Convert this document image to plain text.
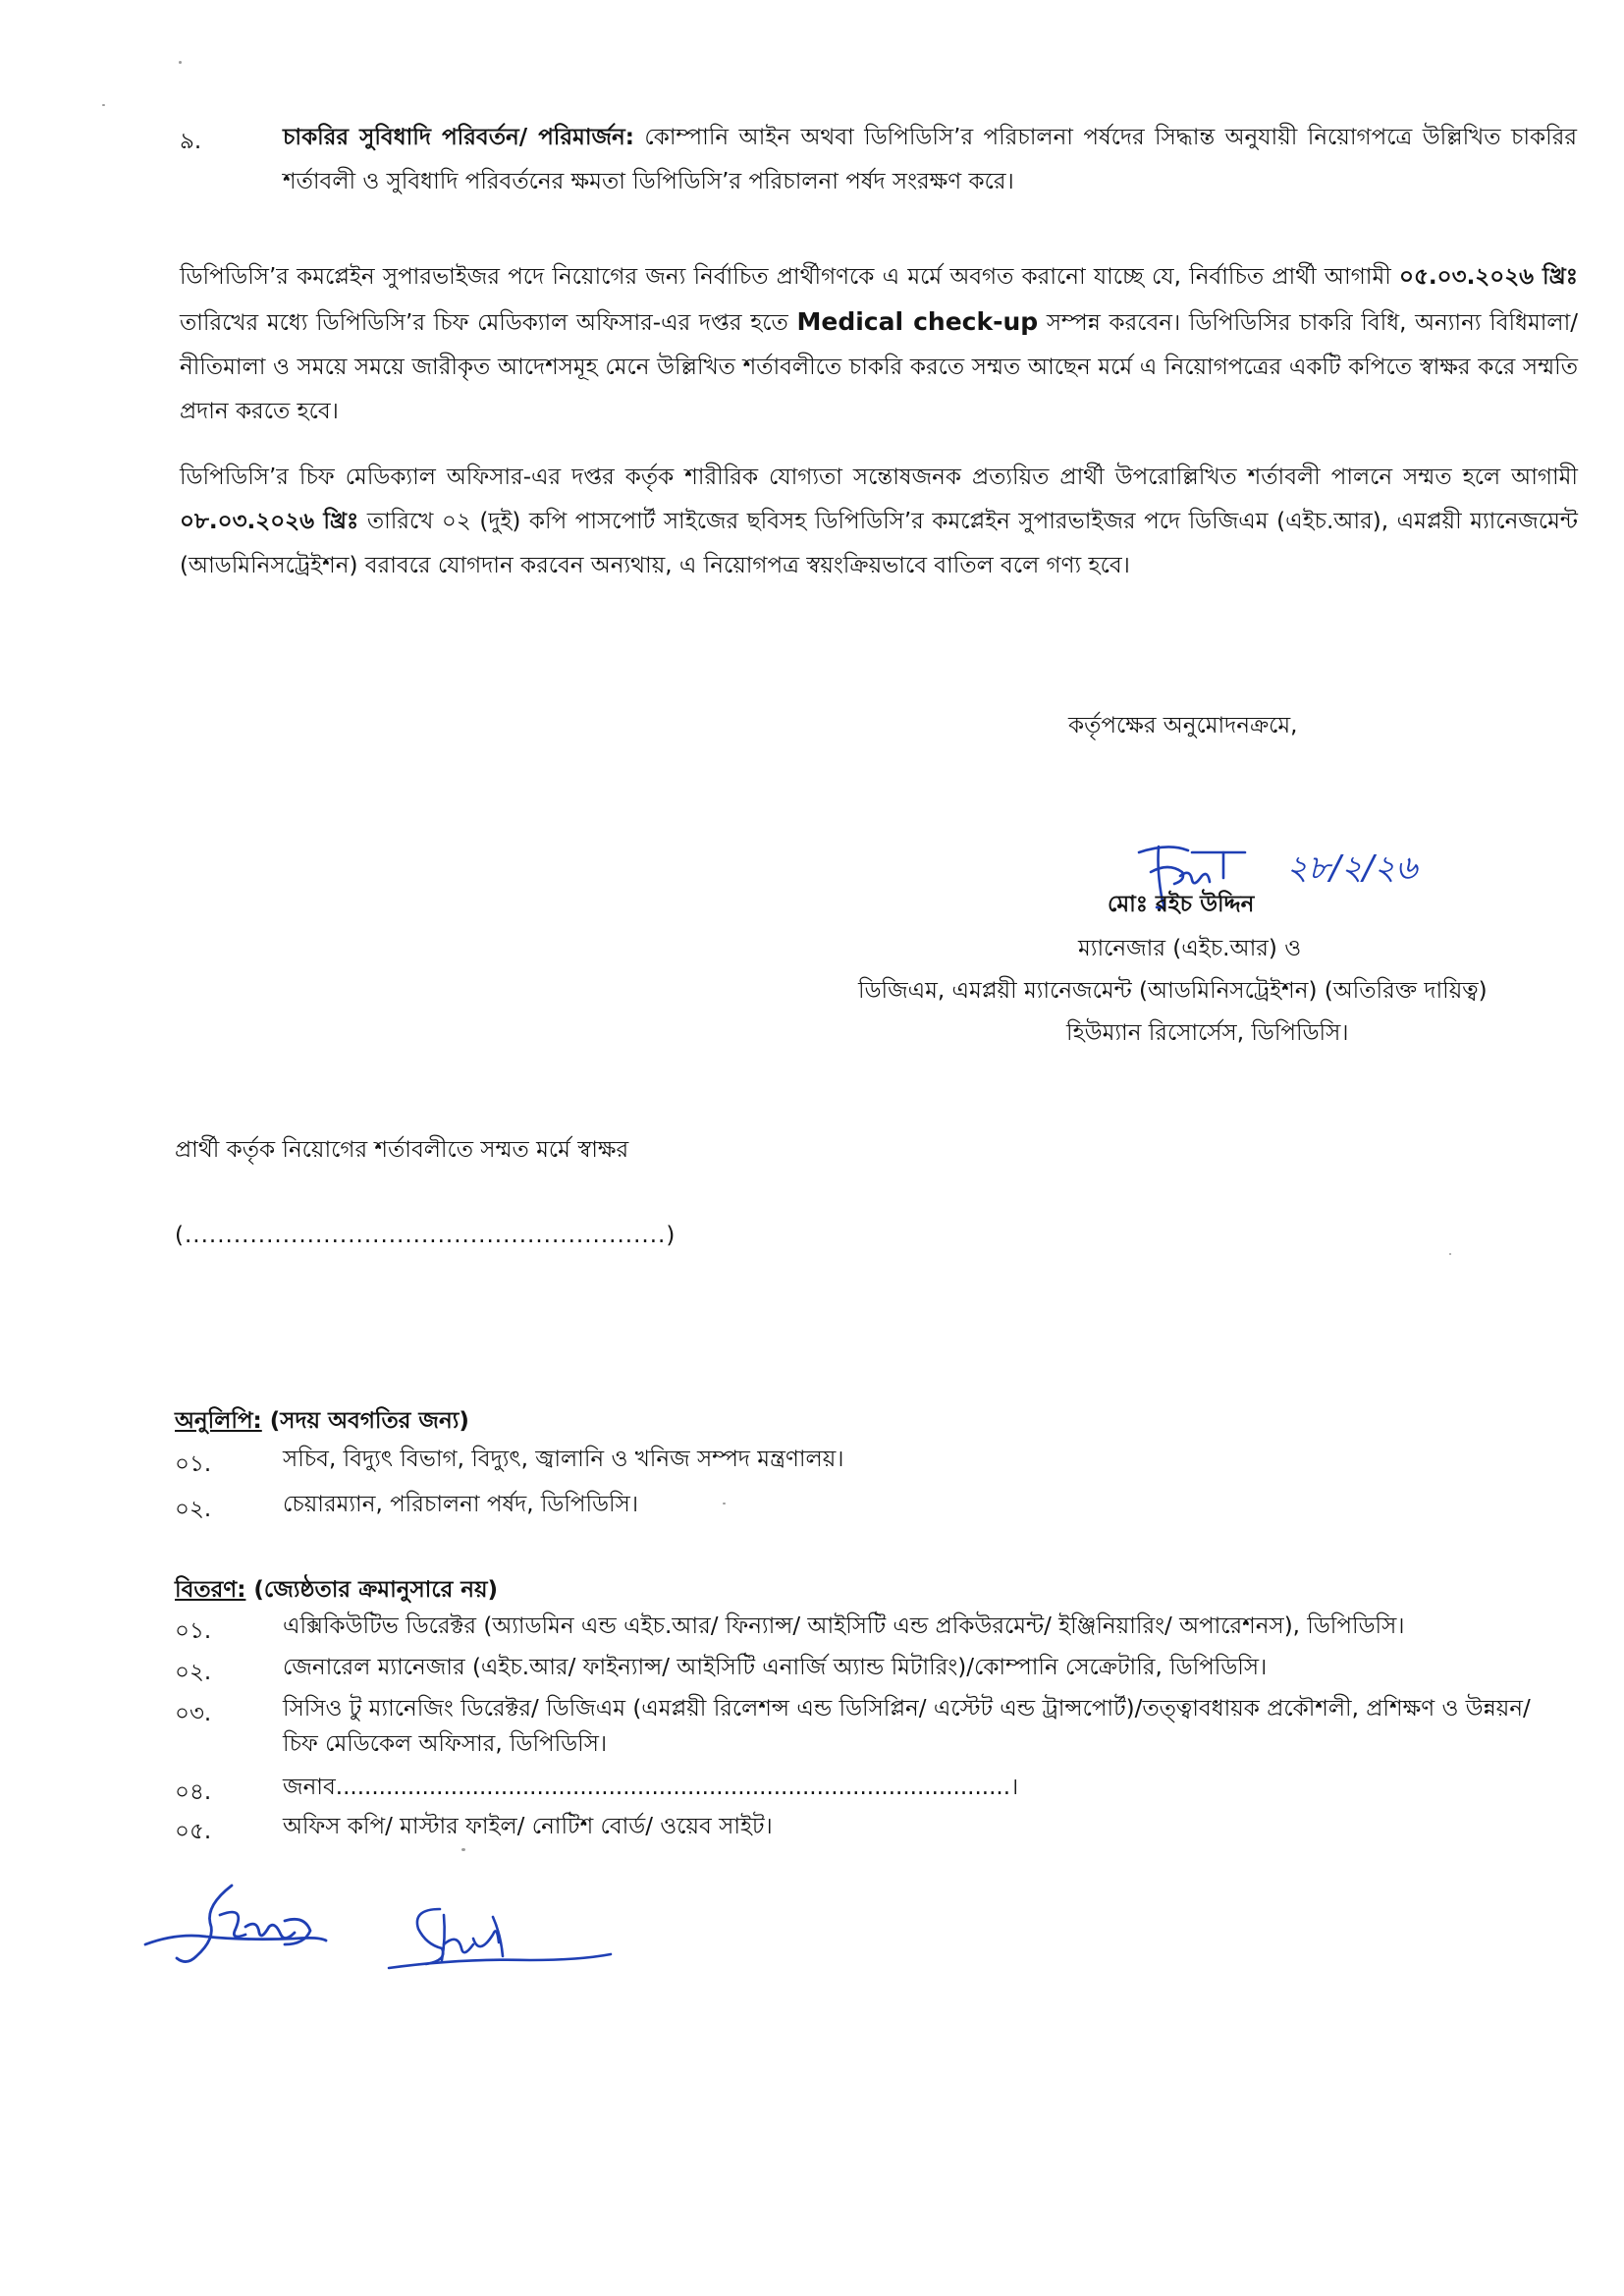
৯.	চাকরির সুবিধাদি পরিবর্তন/ পরিমার্জন: কোম্পানি আইন অথবা ডিপিডিসি’র পরিচালনা পর্ষদের সিদ্ধান্ত অনুযায়ী নিয়োগপত্রে উল্লিখিত চাকরির শর্তাবলী ও সুবিধাদি পরিবর্তনের ক্ষমতা ডিপিডিসি’র পরিচালনা পর্ষদ সংরক্ষণ করে।
ডিপিডিসি’র কমপ্লেইন সুপারভাইজর পদে নিয়োগের জন্য নির্বাচিত প্রার্থীগণকে এ মর্মে অবগত করানো যাচ্ছে যে, নির্বাচিত প্রার্থী আগামী ০৫.০৩.২০২৬ খ্রিঃ তারিখের মধ্যে ডিপিডিসি’র চিফ মেডিক্যাল অফিসার-এর দপ্তর হতে Medical check-up সম্পন্ন করবেন। ডিপিডিসির চাকরি বিধি, অন্যান্য বিধিমালা/ নীতিমালা ও সময়ে সময়ে জারীকৃত আদেশসমূহ মেনে উল্লিখিত শর্তাবলীতে চাকরি করতে সম্মত আছেন মর্মে এ নিয়োগপত্রের একটি কপিতে স্বাক্ষর করে সম্মতি প্রদান করতে হবে।
ডিপিডিসি’র চিফ মেডিক্যাল অফিসার-এর দপ্তর কর্তৃক শারীরিক যোগ্যতা সন্তোষজনক প্রত্যয়িত প্রার্থী উপরোল্লিখিত শর্তাবলী পালনে সম্মত হলে আগামী ০৮.০৩.২০২৬ খ্রিঃ তারিখে ০২ (দুই) কপি পাসপোর্ট সাইজের ছবিসহ ডিপিডিসি’র কমপ্লেইন সুপারভাইজর পদে ডিজিএম (এইচ.আর), এমপ্লয়ী ম্যানেজমেন্ট (আডমিনিসট্রেইশন) বরাবরে যোগদান করবেন অন্যথায়, এ নিয়োগপত্র স্বয়ংক্রিয়ভাবে বাতিল বলে গণ্য হবে।
কর্তৃপক্ষের অনুমোদনক্রমে,
২৮/২/২৬
মোঃ রইচ উদ্দিন
ম্যানেজার (এইচ.আর) ও
ডিজিএম, এমপ্লয়ী ম্যানেজমেন্ট (আডমিনিসট্রেইশন) (অতিরিক্ত দায়িত্ব)
হিউম্যান রিসোর্সেস, ডিপিডিসি।
প্রার্থী কর্তৃক নিয়োগের শর্তাবলীতে সম্মত মর্মে স্বাক্ষর
(...........................................................)
অনুলিপি: (সদয় অবগতির জন্য)
০১.	সচিব, বিদ্যুৎ বিভাগ, বিদ্যুৎ, জ্বালানি ও খনিজ সম্পদ মন্ত্রণালয়।
০২.	চেয়ারম্যান, পরিচালনা পর্ষদ, ডিপিডিসি।
বিতরণ: (জ্যেষ্ঠতার ক্রমানুসারে নয়)
০১.	এক্সিকিউটিভ ডিরেক্টর (অ্যাডমিন এন্ড এইচ.আর/ ফিন্যান্স/ আইসিটি এন্ড প্রকিউরমেন্ট/ ইঞ্জিনিয়ারিং/ অপারেশনস), ডিপিডিসি।
০২.	জেনারেল ম্যানেজার (এইচ.আর/ ফাইন্যান্স/ আইসিটি এনার্জি অ্যান্ড মিটারিং)/কোম্পানি সেক্রেটারি, ডিপিডিসি।
০৩.	সিসিও টু ম্যানেজিং ডিরেক্টর/ ডিজিএম (এমপ্লয়ী রিলেশন্স এন্ড ডিসিপ্লিন/ এস্টেট এন্ড ট্রান্সপোর্ট)/তত্ত্বাবধায়ক প্রকৌশলী, প্রশিক্ষণ ও উন্নয়ন/ চিফ মেডিকেল অফিসার, ডিপিডিসি।
০৪.	জনাব..............................................................................................।
০৫.	অফিস কপি/ মাস্টার ফাইল/ নোটিশ বোর্ড/ ওয়েব সাইট।
